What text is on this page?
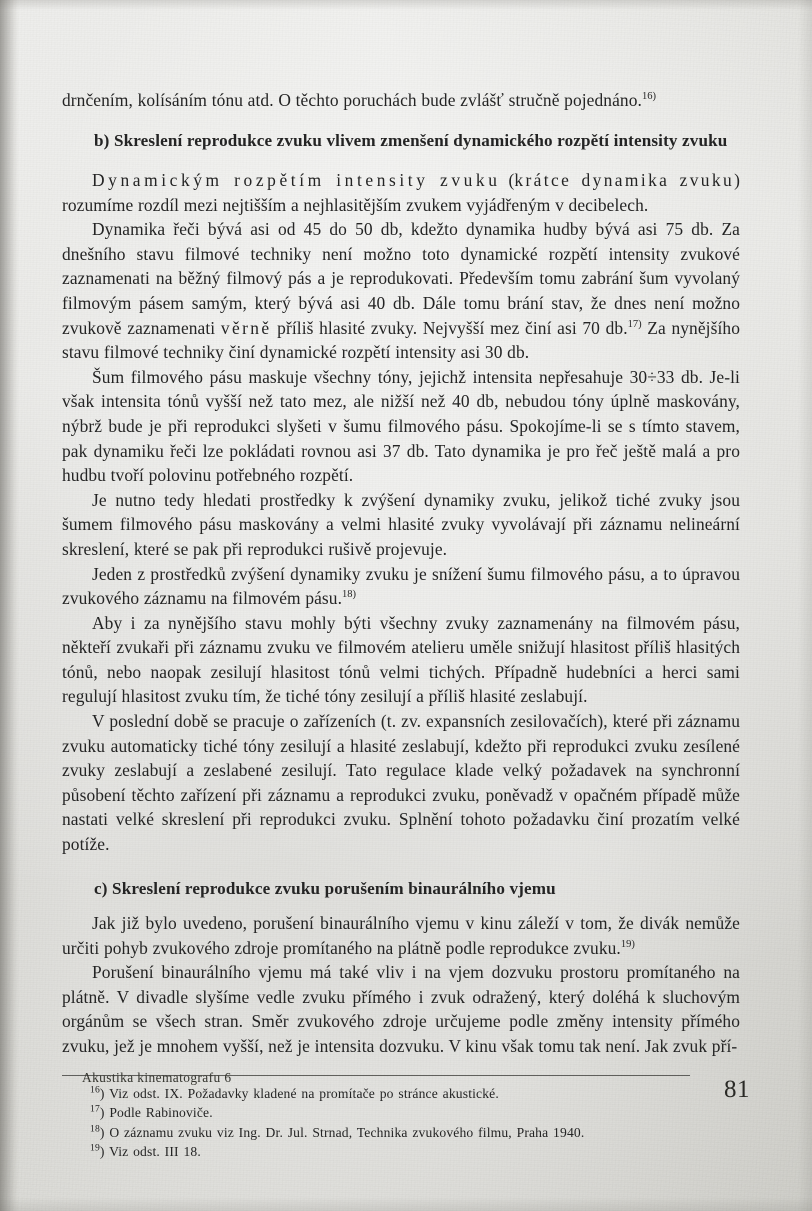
drnčením, kolísáním tónu atd. O těchto poruchách bude zvlášť stručně pojednáno.$^{16)}$

b) Skreslení reprodukce zvuku vlivem zmenšení dynamického rozpětí intensity zvuku

Dynamickým rozpětím intensity zvuku (krátce dynamika zvuku) rozumíme rozdíl mezi nejtišším a nejhlasitějším zvukem vyjádřeným v decibelech.

Dynamika řeči bývá asi od 45 do 50 db, kdežto dynamika hudby bývá asi 75 db. Za dnešního stavu filmové techniky není možno toto dynamické rozpětí intensity zvukové zaznamenati na běžný filmový pás a je reprodukovati. Především tomu zabrání šum vyvolaný filmovým pásem samým, který bývá asi 40 db. Dále tomu brání stav, že dnes není možno zvukově zaznamenati věrně příliš hlasité zvuky. Nejvyšší mez činí asi 70 db.$^{17)}$ Za nynějšího stavu filmové techniky činí dynamické rozpětí intensity asi 30 db.

Šum filmového pásu maskuje všechny tóny, jejichž intensita nepřesahuje 30÷33 db. Je-li však intensita tónů vyšší než tato mez, ale nižší než 40 db, nebudou tóny úplně maskovány, nýbrž bude je při reprodukci slyšeti v šumu filmového pásu. Spokojíme-li se s tímto stavem, pak dynamiku řeči lze pokládati rovnou asi 37 db. Tato dynamika je pro řeč ještě malá a pro hudbu tvoří polovinu potřebného rozpětí.

Je nutno tedy hledati prostředky k zvýšení dynamiky zvuku, jelikož tiché zvuky jsou šumem filmového pásu maskovány a velmi hlasité zvuky vyvolávají při záznamu nelineární skreslení, které se pak při reprodukci rušivě projevuje.

Jeden z prostředků zvýšení dynamiky zvuku je snížení šumu filmového pásu, a to úpravou zvukového záznamu na filmovém pásu.$^{18)}$

Aby i za nynějšího stavu mohly býti všechny zvuky zaznamenány na filmovém pásu, někteří zvukaři při záznamu zvuku ve filmovém atelieru uměle snižují hlasitost příliš hlasitých tónů, nebo naopak zesilují hlasitost tónů velmi tichých. Případně hudebníci a herci sami regulují hlasitost zvuku tím, že tiché tóny zesilují a příliš hlasité zeslabují.

V poslední době se pracuje o zařízeních (t. zv. expansních zesilovačích), které při záznamu zvuku automaticky tiché tóny zesilují a hlasité zeslabují, kdežto při reprodukci zvuku zesílené zvuky zeslabují a zeslabené zesilují. Tato regulace klade velký požadavek na synchronní působení těchto zařízení při záznamu a reprodukci zvuku, poněvadž v opačném případě může nastati velké skreslení při reprodukci zvuku. Splnění tohoto požadavku činí prozatím velké potíže.

c) Skreslení reprodukce zvuku porušením binaurálního vjemu

Jak již bylo uvedeno, porušení binaurálního vjemu v kinu záleží v tom, že divák nemůže určiti pohyb zvukového zdroje promítaného na plátně podle reprodukce zvuku.$^{19)}$

Porušení binaurálního vjemu má také vliv i na vjem dozvuku prostoru promítaného na plátně. V divadle slyšíme vedle zvuku přímého i zvuk odražený, který doléhá k sluchovým orgánům se všech stran. Směr zvukového zdroje určujeme podle změny intensity přímého zvuku, jež je mnohem vyšší, než je intensita dozvuku. V kinu však tomu tak není. Jak zvuk pří-

$^{16}$) Viz odst. IX. Požadavky kladené na promítače po stránce akustické.

$^{17}$) Podle Rabinoviče.

$^{18}$) O záznamu zvuku viz Ing. Dr. Jul. Strnad, Technika zvukového filmu, Praha 1940.

$^{19}$) Viz odst. III 18.

Akustika kinematografu 6	81
